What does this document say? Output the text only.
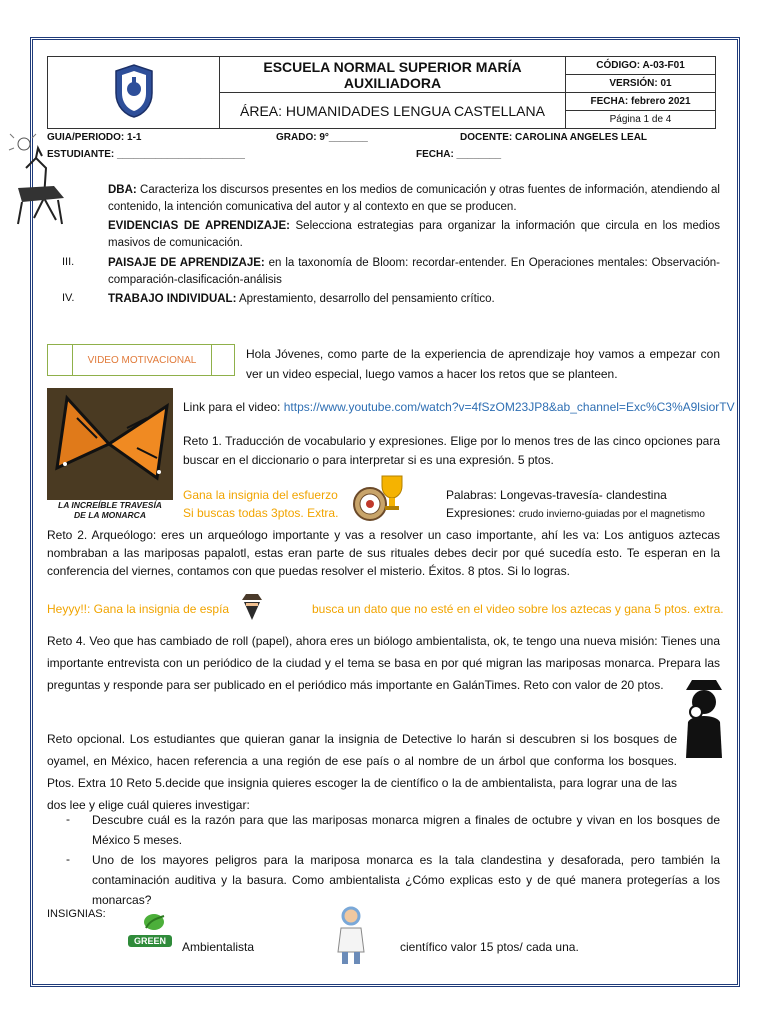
	ESCUELA NORMAL SUPERIOR MARÍA AUXILIADORA	CÓDIGO: A-03-F01
		VERSIÓN: 01
	ÁREA: HUMANIDADES LENGUA CASTELLANA	FECHA: febrero 2021
		Página 1 de 4
GUIA/PERIODO: 1-1	GRADO: 9°_______	DOCENTE: CAROLINA ANGELES LEAL
ESTUDIANTE: _______________________	FECHA: ________
DBA: Caracteriza los discursos presentes en los medios de comunicación y otras fuentes de información, atendiendo al contenido, la intención comunicativa del autor y al contexto en que se producen.
EVIDENCIAS DE APRENDIZAJE: Selecciona estrategias para organizar la información que circula en los medios masivos de comunicación.
III.	PAISAJE DE APRENDIZAJE: en la taxonomía de Bloom: recordar-entender. En Operaciones mentales: Observación-comparación-clasificación-análisis
IV.	TRABAJO INDIVIDUAL: Aprestamiento, desarrollo del pensamiento crítico.
VIDEO MOTIVACIONAL	Hola Jóvenes, como parte de la experiencia de aprendizaje hoy vamos a empezar con ver un video especial, luego vamos a hacer los retos que se planteen.
LA INCREÍBLE TRAVESÍA
DE LA MONARCA
Link para el video: https://www.youtube.com/watch?v=4fSzOM23JP8&ab_channel=Exc%C3%A9lsiorTV
Reto 1. Traducción de vocabulario y expresiones. Elige por lo menos tres de las cinco opciones para buscar en el diccionario o para interpretar si es una expresión. 5 ptos.
Gana la insignia del esfuerzo
Si buscas todas 3ptos. Extra.
Palabras: Longevas-travesía- clandestina
Expresiones: crudo invierno-guiadas por el magnetismo
Reto 2. Arqueólogo: eres un arqueólogo importante y vas a resolver un caso importante, ahí les va: Los antiguos aztecas nombraban a las mariposas papalotl, estas eran parte de sus rituales debes decir por qué sucedía esto. Te esperan en la conferencia del viernes, contamos con que puedas resolver el misterio. Éxitos. 8 ptos. Si lo logras.
Heyyy!!: Gana la insignia de espía	busca un dato que no esté en el video sobre los aztecas y gana 5 ptos. extra.
Reto 4. Veo que has cambiado de roll (papel), ahora eres un biólogo ambientalista, ok, te tengo una nueva misión: Tienes una importante entrevista con un periódico de la ciudad y el tema se basa en por qué migran las mariposas monarca. Prepara las preguntas y responde para ser publicado en el periódico más importante en GalánTimes. Reto con valor de 20 ptos.
Reto opcional. Los estudiantes que quieran ganar la insignia de Detective lo harán si descubren si los bosques de oyamel, en México, hacen referencia a una región de ese país o al nombre de un árbol que conforma los bosques. Ptos. Extra 10 Reto 5.decide que insignia quieres escoger la de científico o la de ambientalista, para lograr una de las dos lee y elige cuál quieres investigar:
- Descubre cuál es la razón para que las mariposas monarca migren a finales de octubre y vivan en los bosques de México 5 meses.
- Uno de los mayores peligros para la mariposa monarca es la tala clandestina y desaforada, pero también la contaminación auditiva y la basura. Como ambientalista ¿Cómo explicas esto y de qué manera protegerías a los monarcas?
INSIGNIAS:
GREEN	Ambientalista	científico valor 15 ptos/ cada una.
